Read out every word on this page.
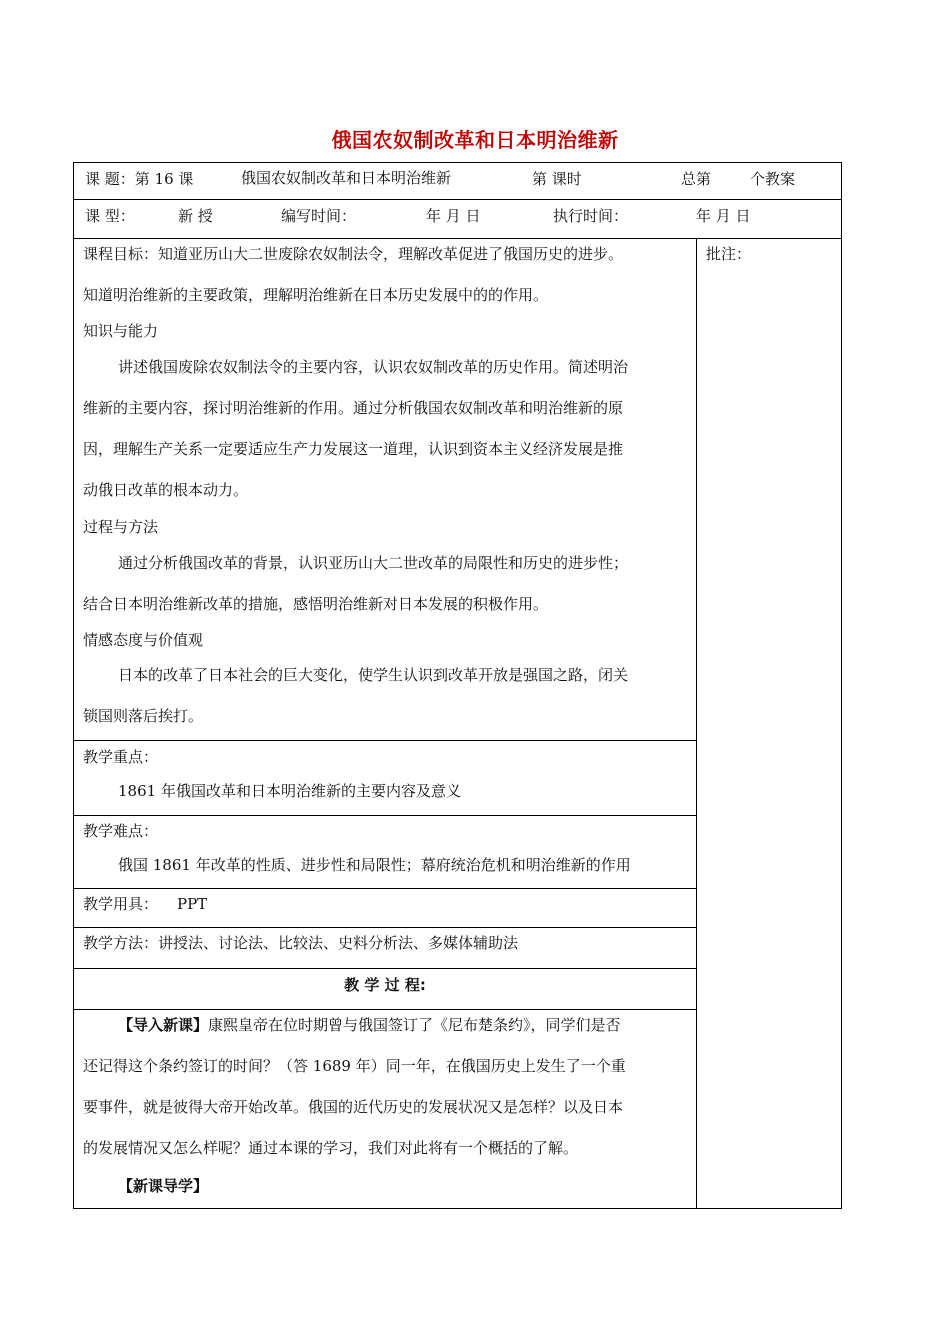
俄国农奴制改革和日本明治维新
课 题：第 16 课	俄国农奴制改革和日本明治维新	第 课时	总第	个教案
课 型：	新 授	编写时间：	年 月 日	执行时间：	年 月 日
批注：
课程目标：知道亚历山大二世废除农奴制法令，理解改革促进了俄国历史的进步。
知道明治维新的主要政策，理解明治维新在日本历史发展中的的作用。
知识与能力
讲述俄国废除农奴制法令的主要内容，认识农奴制改革的历史作用。简述明治
维新的主要内容，探讨明治维新的作用。通过分析俄国农奴制改革和明治维新的原
因，理解生产关系一定要适应生产力发展这一道理，认识到资本主义经济发展是推
动俄日改革的根本动力。
过程与方法
通过分析俄国改革的背景，认识亚历山大二世改革的局限性和历史的进步性；
结合日本明治维新改革的措施，感悟明治维新对日本发展的积极作用。
情感态度与价值观
日本的改革了日本社会的巨大变化，使学生认识到改革开放是强国之路，闭关
锁国则落后挨打。
教学重点：
1861 年俄国改革和日本明治维新的主要内容及意义
教学难点：
俄国 1861 年改革的性质、进步性和局限性；幕府统治危机和明治维新的作用
教学用具： PPT
教学方法：讲授法、讨论法、比较法、史料分析法、多媒体辅助法
教 学 过 程:
【导入新课】康熙皇帝在位时期曾与俄国签订了《尼布楚条约》，同学们是否
还记得这个条约签订的时间？（答 1689 年）同一年，在俄国历史上发生了一个重
要事件，就是彼得大帝开始改革。俄国的近代历史的发展状况又是怎样？以及日本
的发展情况又怎么样呢？通过本课的学习，我们对此将有一个概括的了解。
【新课导学】
